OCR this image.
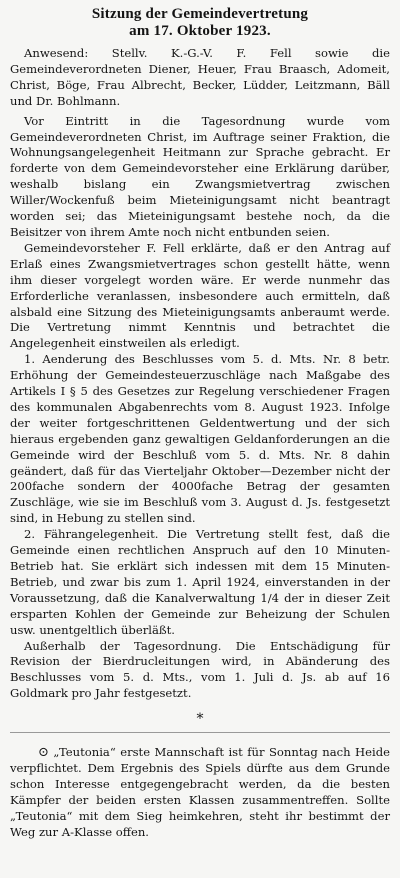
Sitzung der Gemeindevertretung
am 17. Oktober 1923.

Anwesend: Stellv. K.-G.-V. F. Fell sowie die Gemeindeverordneten Diener, Heuer, Frau Braasch, Adomeit, Christ, Böge, Frau Albrecht, Becker, Lüdder, Leitzmann, Bäll und Dr. Bohlmann.

Vor Eintritt in die Tagesordnung wurde vom Gemeindeverordneten Christ, im Auftrage seiner Fraktion, die Wohnungsangelegenheit Heitmann zur Sprache gebracht. Er forderte von dem Gemeindevorsteher eine Erklärung darüber, weshalb bislang ein Zwangsmietvertrag zwischen Willer/Wockenfuß beim Mieteinigungsamt nicht beantragt worden sei; das Mieteinigungsamt bestehe noch, da die Beisitzer von ihrem Amte noch nicht entbunden seien.

Gemeindevorsteher F. Fell erklärte, daß er den Antrag auf Erlaß eines Zwangsmietvertrages schon gestellt hätte, wenn ihm dieser vorgelegt worden wäre. Er werde nunmehr das Erforderliche veranlassen, insbesondere auch ermitteln, daß alsbald eine Sitzung des Mieteinigungsamts anberaumt werde. Die Vertretung nimmt Kenntnis und betrachtet die Angelegenheit einstweilen als erledigt.

1. Aenderung des Beschlusses vom 5. d. Mts. Nr. 8 betr. Erhöhung der Gemeindesteuerzuschläge nach Maßgabe des Artikels I § 5 des Gesetzes zur Regelung verschiedener Fragen des kommunalen Abgabenrechts vom 8. August 1923. Infolge der weiter fortgeschrittenen Geldentwertung und der sich hieraus ergebenden ganz gewaltigen Geldanforderungen an die Gemeinde wird der Beschluß vom 5. d. Mts. Nr. 8 dahin geändert, daß für das Vierteljahr Oktober—Dezember nicht der 200fache sondern der 4000fache Betrag der gesamten Zuschläge, wie sie im Beschluß vom 3. August d. Js. festgesetzt sind, in Hebung zu stellen sind.

2. Fährangelegenheit. Die Vertretung stellt fest, daß die Gemeinde einen rechtlichen Anspruch auf den 10 Minuten-Betrieb hat. Sie erklärt sich indessen mit dem 15 Minuten-Betrieb, und zwar bis zum 1. April 1924, einverstanden in der Voraussetzung, daß die Kanalverwaltung 1/4 der in dieser Zeit ersparten Kohlen der Gemeinde zur Beheizung der Schulen usw. unentgeltlich überläßt.

Außerhalb der Tagesordnung. Die Entschädigung für Revision der Bierdrucleitungen wird, in Abänderung des Beschlusses vom 5. d. Mts., vom 1. Juli d. Js. ab auf 16 Goldmark pro Jahr festgesetzt.

*

⊙ „Teutonia“ erste Mannschaft ist für Sonntag nach Heide verpflichtet. Dem Ergebnis des Spiels dürfte aus dem Grunde schon Interesse entgegengebracht werden, da die besten Kämpfer der beiden ersten Klassen zusammentreffen. Sollte „Teutonia“ mit dem Sieg heimkehren, steht ihr bestimmt der Weg zur A-Klasse offen.
